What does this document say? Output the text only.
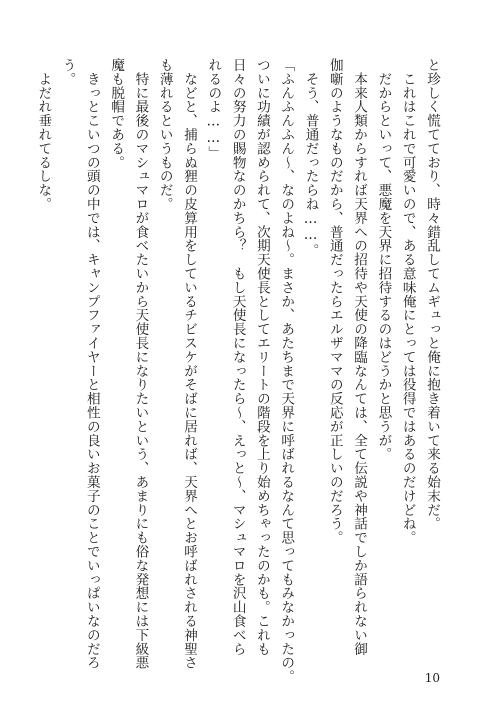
と珍しく慌てており、時々錯乱してムギュっと俺に抱き着いて来る始末だ。
　これはこれで可愛いので、ある意味俺にとっては役得ではあるのだけどね。
　だからといって、悪魔を天界に招待するのはどうかと思うが。
　本来人類からすれば天界への招待や天使の降臨なんては、全て伝説や神話でしか語られない御
伽噺のようなものだから、普通だったらエルザママの反応が正しいのだろう。
　そう、普通だったらね……。
「ふんふんふん～、なのよね～。まさか、あたちまで天界に呼ばれるなんて思ってもみなかったの。
ついに功績が認められて、次期天使長としてエリートの階段を上り始めちゃったのかも。これも
日々の努力の賜物なのかちら？　もし天使長になったら～、えっと～、マシュマロを沢山食べら
れるのよ……」
　などと、捕らぬ狸の皮算用をしているチビスケがそばに居れば、天界へとお呼ばれされる神聖さ
も薄れるというものだ。
　特に最後のマシュマロが食べたいから天使長になりたいという、あまりにも俗な発想には下級悪
魔も脱帽である。
　きっとこいつの頭の中では、キャンプファイヤーと相性の良いお菓子のことでいっぱいなのだろ
う。
　よだれ垂れてるしな。
10
